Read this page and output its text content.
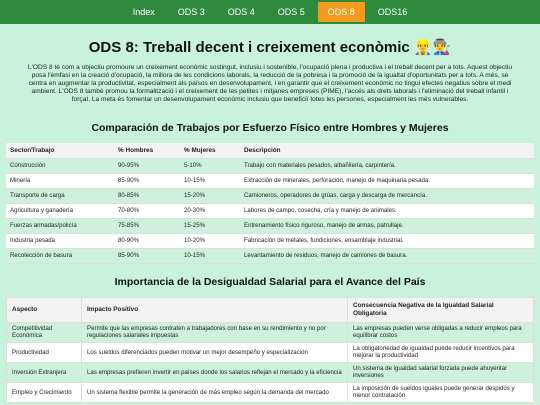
Index	ODS 3	ODS 4	ODS 5	ODS 8	ODS16
ODS 8: Treball decent i creixement econòmic 👷‍♂️👨‍🏭

L'ODS 8 té com a objectiu promoure un creixement econòmic sostingut, inclusiu i sostenible, l'ocupació plena i productiva i el treball decent per a tots. Aquest objectiu posa l'èmfasi en la creació d'ocupació, la millora de les condicions laborals, la reducció de la pobresa i la promoció de la igualtat d'oportunitats per a tots. A més, se centra en augmentar la productivitat, especialment als països en desenvolupament, i en garantir que el creixement econòmic no tingui efectes negatius sobre el medi ambient. L'ODS 8 també promou la formalització i el creixement de les petites i mitjanes empreses (PIME), l'accés als drets laborals i l'eliminació del treball infantil i forçat. La meta és fomentar un desenvolupament econòmic inclusiu que beneficiï totes les persones, especialment les més vulnerables.

Comparación de Trabajos por Esfuerzo Físico entre Hombres y Mujeres
Sector/Trabajo	% Hombres	% Mujeres	Descripción
Construcción	90-95%	5-10%	Trabajo con materiales pesados, albañilería, carpintería.
Minería	85-90%	10-15%	Extracción de minerales, perforación, manejo de maquinaria pesada.
Transporte de carga	80-85%	15-20%	Camioneros, operadores de grúas, carga y descarga de mercancía.
Agricultura y ganadería	70-80%	20-30%	Labores de campo, cosecha, cría y manejo de animales.
Fuerzas armadas/policía	75-85%	15-25%	Entrenamiento físico riguroso, manejo de armas, patrullaje.
Industria pesada	80-90%	10-20%	Fabricación de metales, fundiciones, ensamblaje industrial.
Recolección de basura	85-90%	10-15%	Levantamiento de residuos, manejo de camiones de basura.
Importancia de la Desigualdad Salarial para el Avance del País
Aspecto	Impacto Positivo	Consecuencia Negativa de la Igualdad Salarial Obligatoria
Competitividad Económica	Permite que las empresas contraten a trabajadores con base en su rendimiento y no por regulaciones salariales impuestas	Las empresas pueden verse obligadas a reducir empleos para equilibrar costos
Productividad	Los sueldos diferenciados pueden motivar un mejor desempeño y especialización	La obligatoriedad de igualdad puede reducir incentivos para mejorar la productividad
Inversión Extranjera	Las empresas prefieren invertir en países donde los salarios reflejan el mercado y la eficiencia	Un sistema de igualdad salarial forzada puede ahuyentar inversiones
Empleo y Crecimiento	Un sistema flexible permite la generación de más empleo según la demanda del mercado	La imposición de sueldos iguales puede generar despidos y menor contratación
